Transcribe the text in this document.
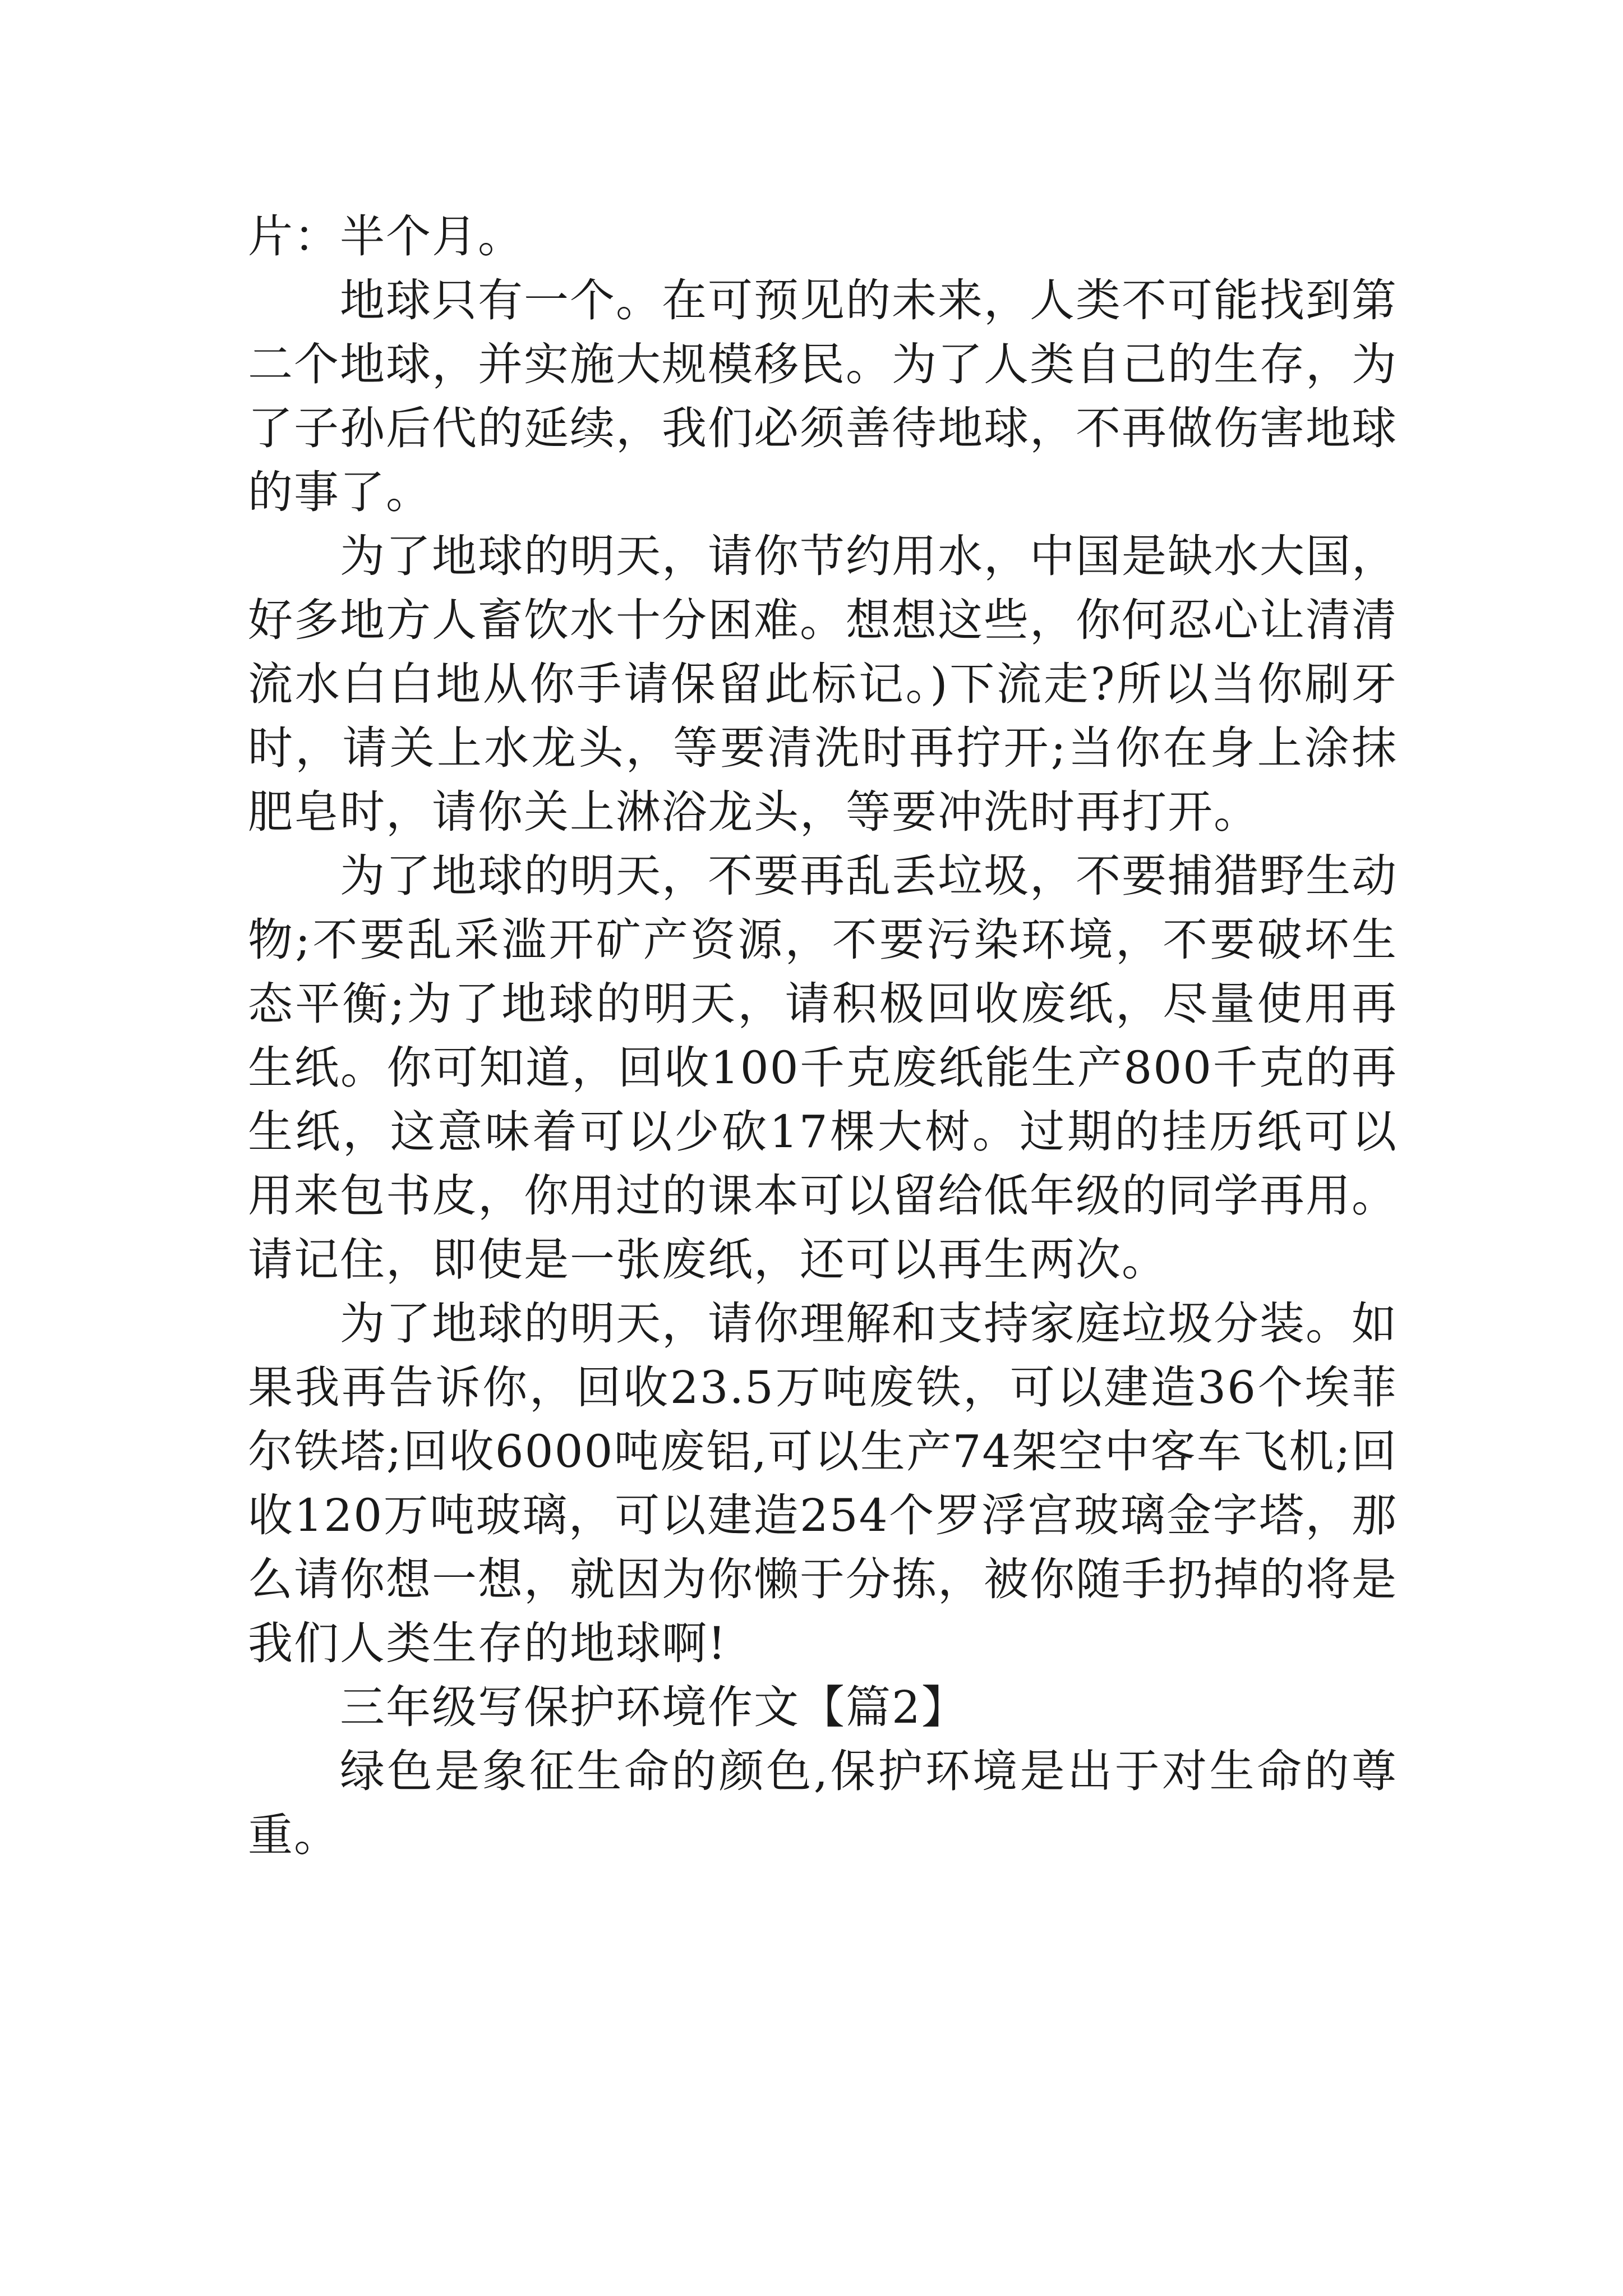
片：半个月。

地球只有一个。在可预见的未来，人类不可能找到第二个地球，并实施大规模移民。为了人类自己的生存，为了子孙后代的延续，我们必须善待地球，不再做伤害地球的事了。

为了地球的明天，请你节约用水，中国是缺水大国，好多地方人畜饮水十分困难。想想这些，你何忍心让清清流水白白地从你手请保留此标记。)下流走?所以当你刷牙时，请关上水龙头，等要清洗时再拧开;当你在身上涂抹肥皂时，请你关上淋浴龙头，等要冲洗时再打开。

为了地球的明天，不要再乱丢垃圾，不要捕猎野生动物;不要乱采滥开矿产资源，不要污染环境，不要破坏生态平衡;为了地球的明天，请积极回收废纸，尽量使用再生纸。你可知道，回收100千克废纸能生产800千克的再生纸，这意味着可以少砍17棵大树。过期的挂历纸可以用来包书皮，你用过的课本可以留给低年级的同学再用。请记住，即使是一张废纸，还可以再生两次。

为了地球的明天，请你理解和支持家庭垃圾分装。如果我再告诉你，回收23.5万吨废铁，可以建造36个埃菲尔铁塔;回收6000吨废铝,可以生产74架空中客车飞机;回收120万吨玻璃，可以建造254个罗浮宫玻璃金字塔，那么请你想一想，就因为你懒于分拣，被你随手扔掉的将是我们人类生存的地球啊!

三年级写保护环境作文【篇2】

绿色是象征生命的颜色,保护环境是出于对生命的尊重。
